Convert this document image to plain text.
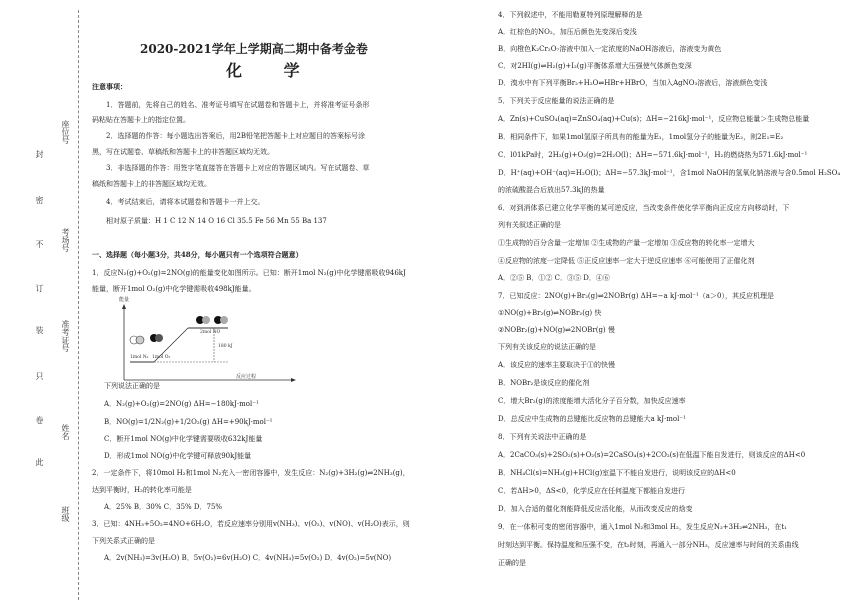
封
座位号
密
不 考场号
订
装 准考证号
只
卷
姓名
此
班级
2020-2021学年上学期高二期中备考金卷
化 学
注意事项：
1．答题前，先将自己的姓名、准考证号填写在试题卷和答题卡上，并将准考证号条形
码粘贴在答题卡上的指定位置。
2．选择题的作答：每小题选出答案后，用2B铅笔把答题卡上对应题目的答案标号涂
黑，写在试题卷、草稿纸和答题卡上的非答题区域均无效。
3．非选择题的作答：用签字笔直接答在答题卡上对应的答题区域内。写在试题卷、草
稿纸和答题卡上的非答题区域均无效。
4．考试结束后，请将本试题卷和答题卡一并上交。
相对原子质量：H 1 C 12 N 14 O 16 Cl 35.5 Fe 56 Mn 55 Ba 137
一、选择题（每小题3分，共48分，每小题只有一个选项符合题意）
1．反应N₂(g)+O₂(g)=2NO(g)的能量变化如图所示。已知：断开1mol N₂(g)中化学键需吸收946kJ
能量，断开1mol O₂(g)中化学键需吸收498kJ能量。
能量
反应过程
1mol N₂ 1mol O₂
2mol NO
180 kJ
下列说法正确的是
A．N₂(g)+O₂(g)=2NO(g) ΔH=−180kJ·mol⁻¹
B．NO(g)=1/2N₂(g)+1/2O₂(g) ΔH=+90kJ·mol⁻¹
C．断开1mol NO(g)中化学键需要吸收632kJ能量
D．形成1mol NO(g)中化学键可释放90kJ能量
2．一定条件下，将10mol H₂和1mol N₂充入一密闭容器中，发生反应：N₂(g)+3H₂(g)⇌2NH₃(g)，
达到平衡时，H₂的转化率可能是
A．25% B．30% C．35% D．75%
3．已知：4NH₃+5O₂=4NO+6H₂O，若反应速率分别用v(NH₃)、v(O₂)、v(NO)、v(H₂O)表示，则
下列关系式正确的是
A．2v(NH₃)=3v(H₂O) B．5v(O₂)=6v(H₂O) C．4v(NH₃)=5v(O₂) D．4v(O₂)=5v(NO)
4．下列叙述中，不能用勒夏特列原理解释的是
A．红棕色的NO₂，加压后颜色先变深后变浅
B．向橙色K₂Cr₂O₇溶液中加入一定浓度的NaOH溶液后，溶液变为黄色
C．对2HI(g)⇌H₂(g)+I₂(g)平衡体系增大压强使气体颜色变深
D．溴水中有下列平衡Br₂+H₂O⇌HBr+HBrO，当加入AgNO₃溶液后，溶液颜色变浅
5．下列关于反应能量的说法正确的是
A．Zn(s)+CuSO₄(aq)=ZnSO₄(aq)+Cu(s)；ΔH=−216kJ·mol⁻¹，反应物总能量＞生成物总能量
B．相同条件下，如果1mol氢原子所具有的能量为E₁，1mol氢分子的能量为E₂，则2E₁=E₂
C．l01kPa时，2H₂(g)+O₂(g)=2H₂O(l)；ΔH=−571.6kJ·mol⁻¹，H₂的燃烧热为571.6kJ·mol⁻¹
D．H⁺(aq)+OH⁻(aq)=H₂O(l)；ΔH=−57.3kJ·mol⁻¹，含1mol NaOH的氢氧化钠溶液与含0.5mol H₂SO₄
的浓硫酸混合后放出57.3kJ的热量
6．对到消体系已建立化学平衡的某可逆反应，当改变条件使化学平衡向正反应方向移动时，下
列有关叙述正确的是
①生成物的百分含量一定增加 ②生成物的产量一定增加 ③反应物的转化率一定增大
④反应物的浓度一定降低 ⑤正反应速率一定大于逆反应速率 ⑥可能使用了正催化剂
A．②⑤ B．①② C．③⑤ D．④⑥
7．已知反应：2NO(g)+Br₂(g)⇌2NOBr(g) ΔH=−a kJ·mol⁻¹（a＞0），其反应机理是
①NO(g)+Br₂(g)⇌NOBr₂(g) 快
②NOBr₂(g)+NO(g)⇌2NOBr(g) 慢
下列有关该反应的说法正确的是
A．该反应的速率主要取决于①的快慢
B．NOBr₂是该反应的催化剂
C．增大Br₂(g)的浓度能增大活化分子百分数，加快反应速率
D．总反应中生成物的总键能比反应物的总键能大a kJ·mol⁻¹
8．下列有关说法中正确的是
A．2CaCO₃(s)+2SO₂(s)+O₂(s)=2CaSO₄(s)+2CO₂(s)在低温下能自发进行，则该反应的ΔH<0
B．NH₄Cl(s)=NH₃(g)+HCl(g)室温下不能自发进行，说明该反应的ΔH<0
C．若ΔH>0，ΔS<0，化学反应在任何温度下都能自发进行
D．加入合适的催化剂能降低反应活化能，从而改变反应的焓变
9．在一体积可变的密闭容器中，通入1mol N₂和3mol H₂，发生反应N₂+3H₂⇌2NH₃，在t₁
时刻达到平衡。保持温度和压强不变，在t₂时刻，再通入一部分NH₃，反应速率与时间的关系曲线
正确的是
